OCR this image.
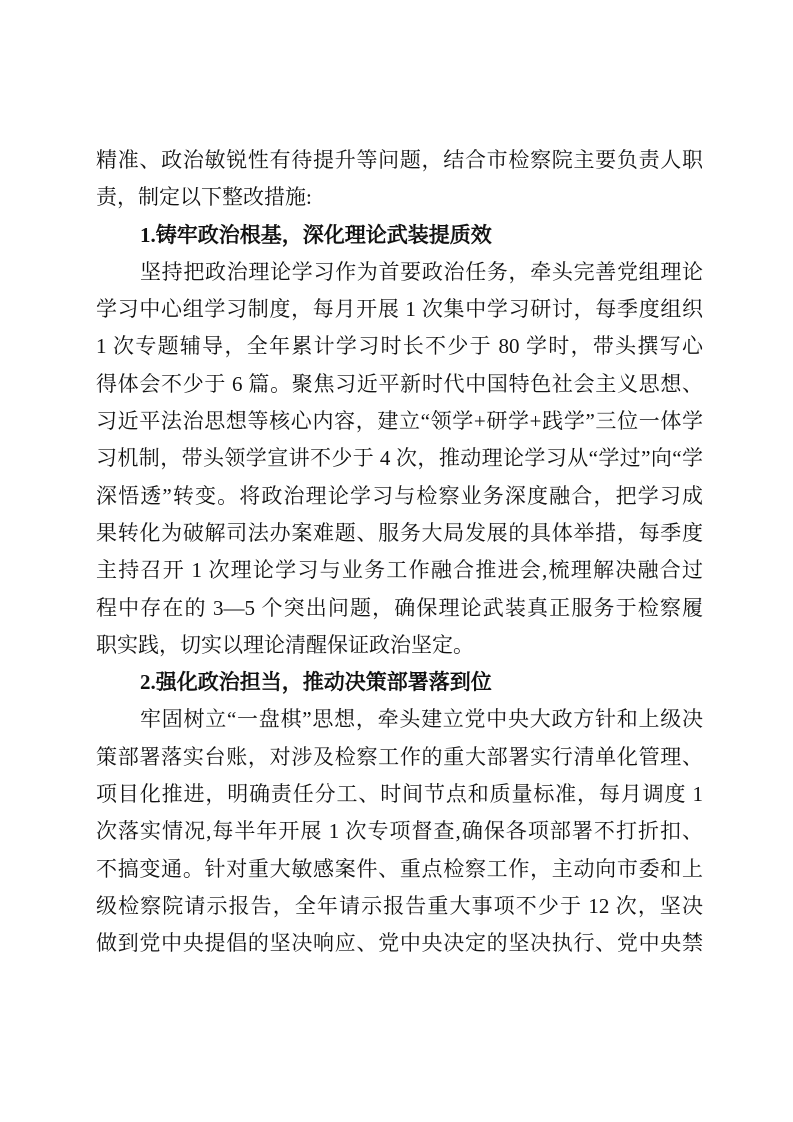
精准、政治敏锐性有待提升等问题，结合市检察院主要负责人职
责，制定以下整改措施:
1.铸牢政治根基，深化理论武装提质效
坚持把政治理论学习作为首要政治任务，牵头完善党组理论
学习中心组学习制度，每月开展 1 次集中学习研讨，每季度组织
1 次专题辅导，全年累计学习时长不少于 80 学时，带头撰写心
得体会不少于 6 篇。聚焦习近平新时代中国特色社会主义思想、
习近平法治思想等核心内容，建立“领学+研学+践学”三位一体学
习机制，带头领学宣讲不少于 4 次，推动理论学习从“学过”向“学
深悟透”转变。将政治理论学习与检察业务深度融合，把学习成
果转化为破解司法办案难题、服务大局发展的具体举措，每季度
主持召开 1 次理论学习与业务工作融合推进会,梳理解决融合过
程中存在的 3—5 个突出问题，确保理论武装真正服务于检察履
职实践，切实以理论清醒保证政治坚定。
2.强化政治担当，推动决策部署落到位
牢固树立“一盘棋”思想，牵头建立党中央大政方针和上级决
策部署落实台账，对涉及检察工作的重大部署实行清单化管理、
项目化推进，明确责任分工、时间节点和质量标准，每月调度 1
次落实情况,每半年开展 1 次专项督查,确保各项部署不打折扣、
不搞变通。针对重大敏感案件、重点检察工作，主动向市委和上
级检察院请示报告，全年请示报告重大事项不少于 12 次，坚决
做到党中央提倡的坚决响应、党中央决定的坚决执行、党中央禁
